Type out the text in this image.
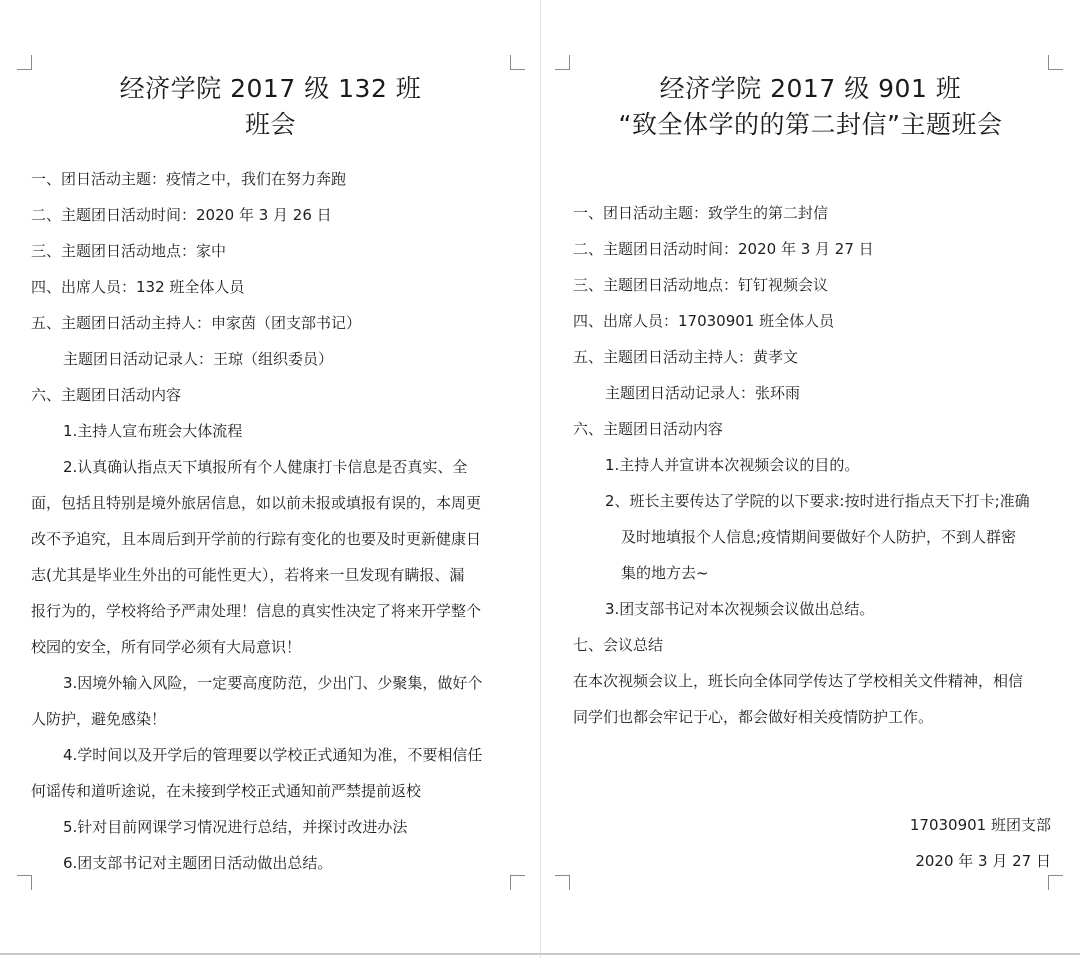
经济学院 2017 级 132 班
班会
一、团日活动主题：疫情之中，我们在努力奔跑
二、主题团日活动时间：2020 年 3 月 26 日
三、主题团日活动地点：家中
四、出席人员：132 班全体人员
五、主题团日活动主持人：申家茵（团支部书记）
主题团日活动记录人：王琼（组织委员）
六、主题团日活动内容
1.主持人宣布班会大体流程
2.认真确认指点天下填报所有个人健康打卡信息是否真实、全
面，包括且特别是境外旅居信息，如以前未报或填报有误的，本周更
改不予追究，且本周后到开学前的行踪有变化的也要及时更新健康日
志(尤其是毕业生外出的可能性更大），若将来一旦发现有瞒报、漏
报行为的，学校将给予严肃处理！信息的真实性决定了将来开学整个
校园的安全，所有同学必须有大局意识！
3.因境外输入风险，一定要高度防范，少出门、少聚集，做好个
人防护，避免感染！
4.学时间以及开学后的管理要以学校正式通知为准，不要相信任
何谣传和道听途说，在未接到学校正式通知前严禁提前返校
5.针对目前网课学习情况进行总结，并探讨改进办法
6.团支部书记对主题团日活动做出总结。
经济学院 2017 级 901 班
“致全体学的的第二封信”主题班会
一、团日活动主题：致学生的第二封信
二、主题团日活动时间：2020 年 3 月 27 日
三、主题团日活动地点：钉钉视频会议
四、出席人员：17030901 班全体人员
五、主题团日活动主持人：黄孝文
主题团日活动记录人：张环雨
六、主题团日活动内容
1.主持人并宣讲本次视频会议的目的。
2、班长主要传达了学院的以下要求:按时进行指点天下打卡;准确
及时地填报个人信息;疫情期间要做好个人防护，不到人群密
集的地方去~
3.团支部书记对本次视频会议做出总结。
七、会议总结
在本次视频会议上，班长向全体同学传达了学校相关文件精神，相信
同学们也都会牢记于心，都会做好相关疫情防护工作。
17030901 班团支部
2020 年 3 月 27 日
